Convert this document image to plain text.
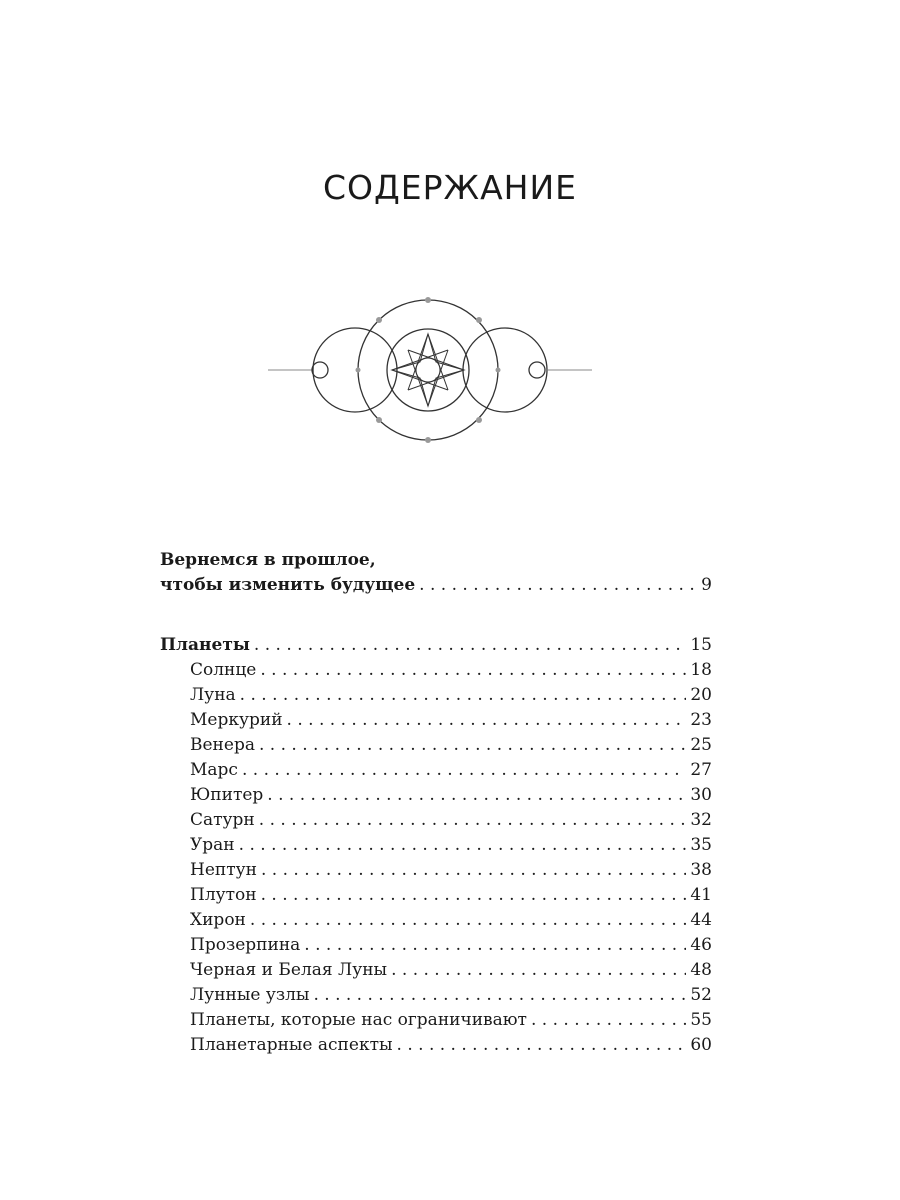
СОДЕРЖАНИЕ
Вернемся в прошлое,
чтобы изменить будущее . . .	9
Планеты . . .	15
Солнце . . .	18
Луна . . .	20
Меркурий . . .	23
Венера . . .	25
Марс . . .	27
Юпитер . . .	30
Сатурн . . .	32
Уран . . .	35
Нептун . . .	38
Плутон . . .	41
Хирон . . .	44
Прозерпина . . .	46
Черная и Белая Луны . . .	48
Лунные узлы . . .	52
Планеты, которые нас ограничивают . . .	55
Планетарные аспекты . . .	60
